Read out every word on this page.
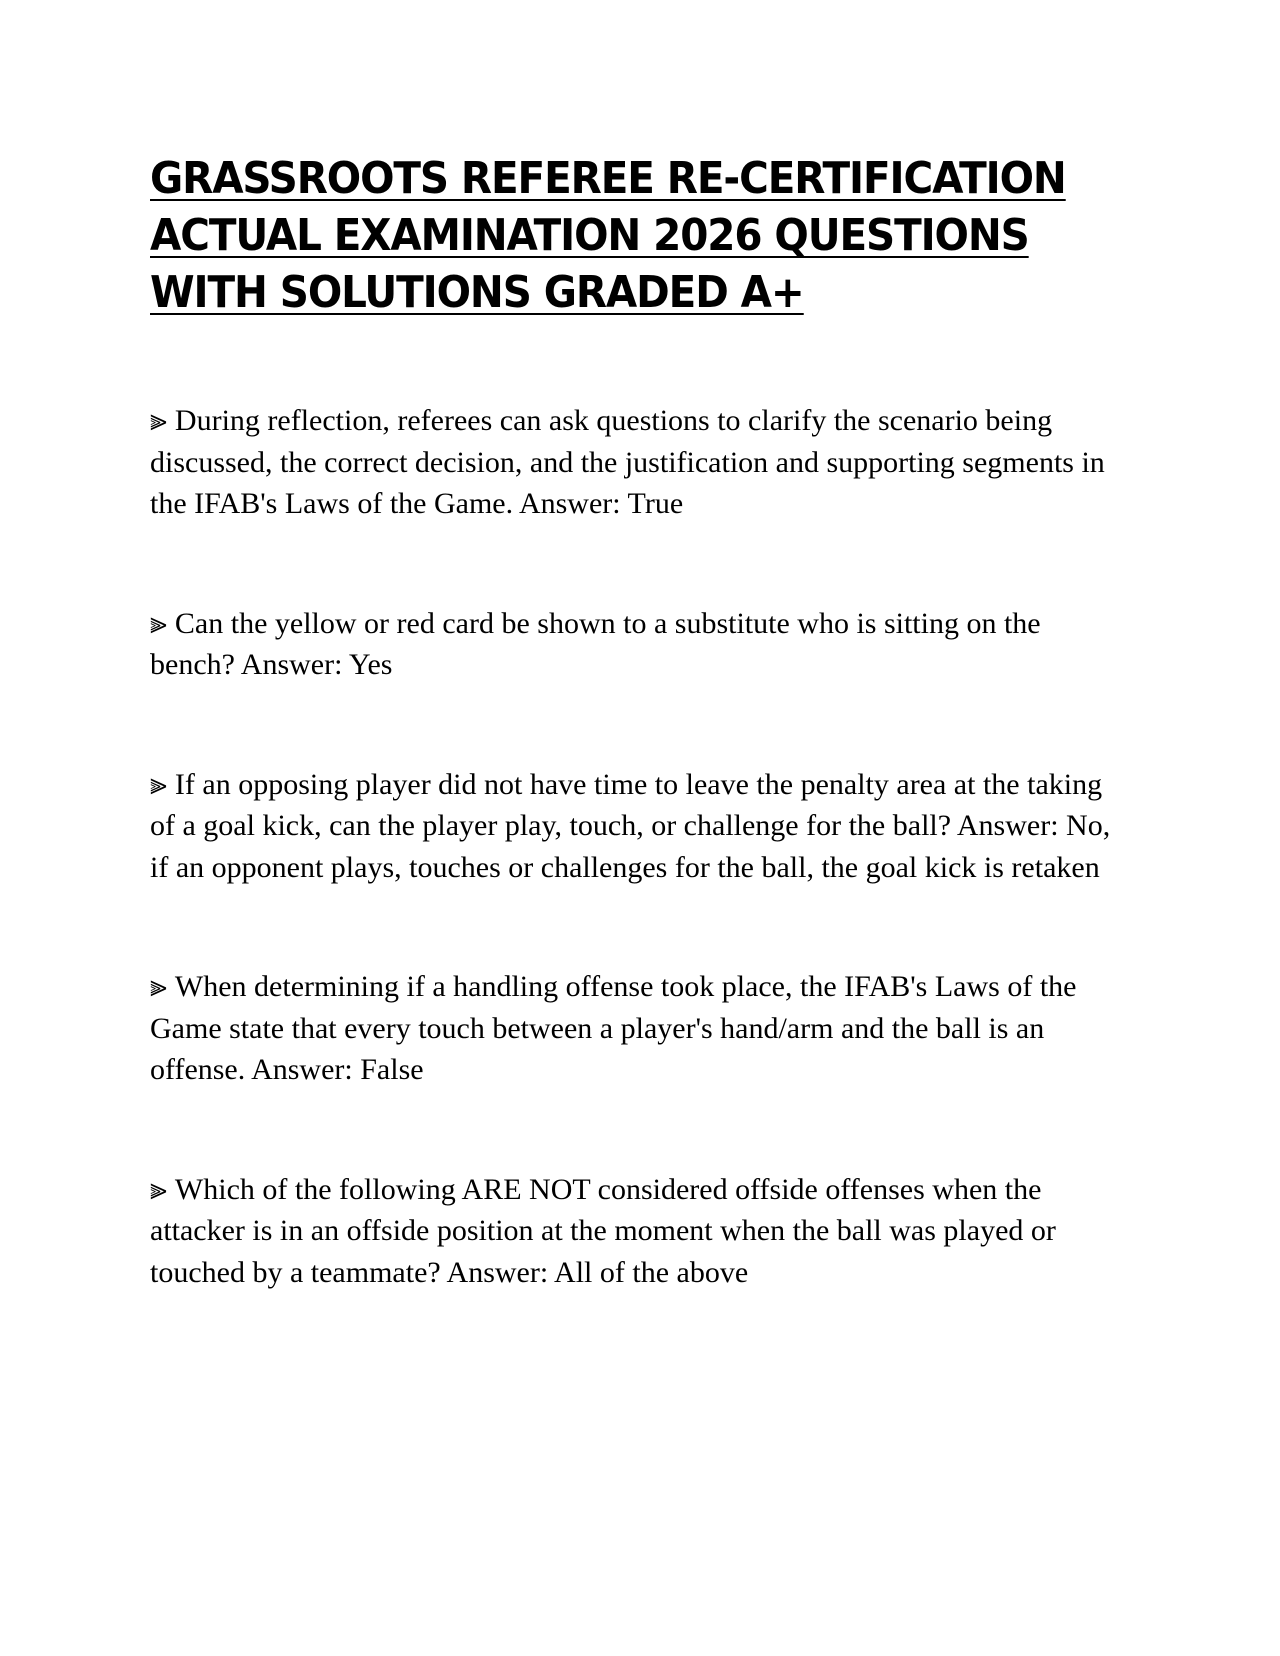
GRASSROOTS REFEREE RE-CERTIFICATION
ACTUAL EXAMINATION 2026 QUESTIONS
WITH SOLUTIONS GRADED A+

⫸ During reflection, referees can ask questions to clarify the scenario being discussed, the correct decision, and the justification and supporting segments in the IFAB's Laws of the Game. Answer: True

⫸ Can the yellow or red card be shown to a substitute who is sitting on the bench? Answer: Yes

⫸ If an opposing player did not have time to leave the penalty area at the taking of a goal kick, can the player play, touch, or challenge for the ball? Answer: No, if an opponent plays, touches or challenges for the ball, the goal kick is retaken

⫸ When determining if a handling offense took place, the IFAB's Laws of the Game state that every touch between a player's hand/arm and the ball is an offense. Answer: False

⫸ Which of the following ARE NOT considered offside offenses when the attacker is in an offside position at the moment when the ball was played or touched by a teammate? Answer: All of the above
